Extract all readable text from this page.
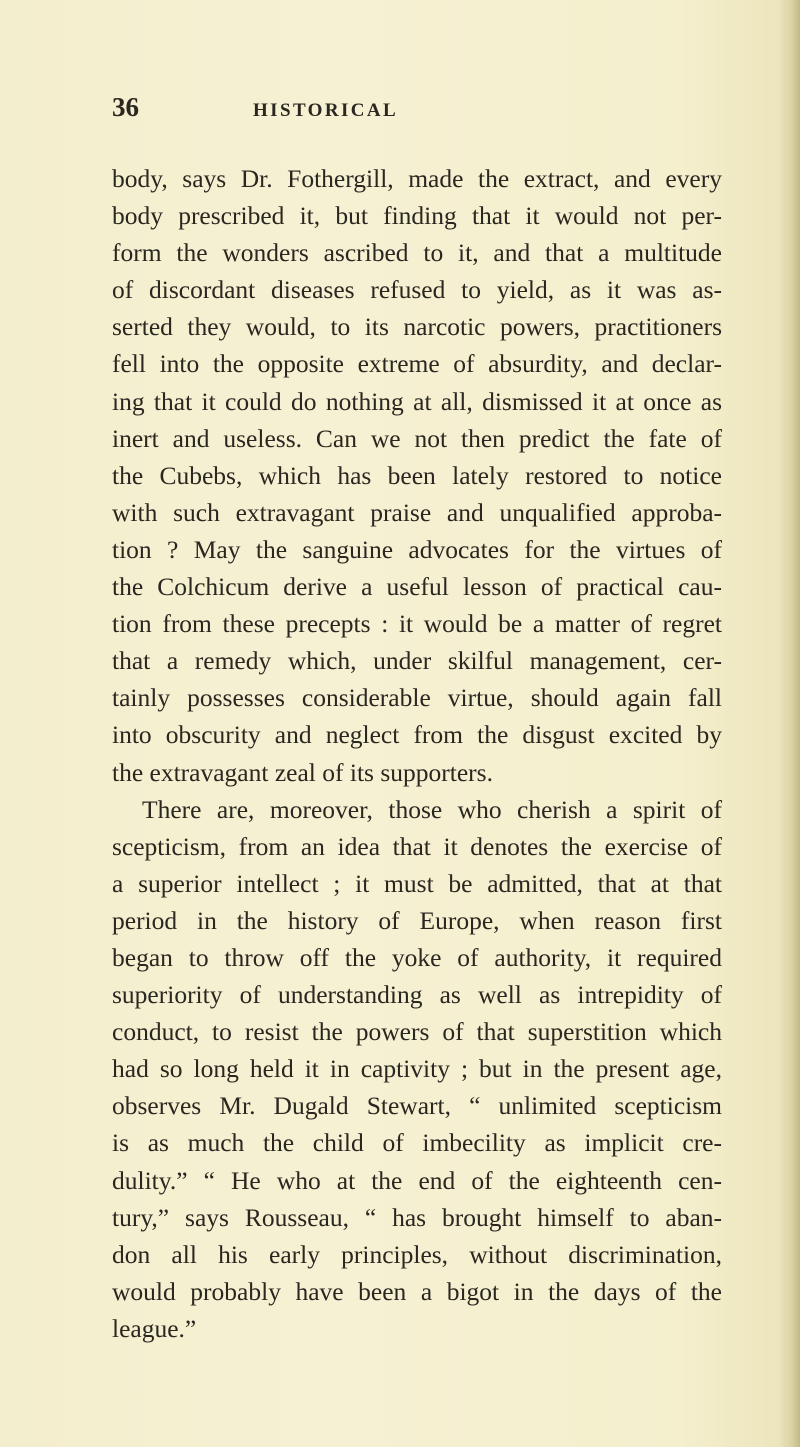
36	HISTORICAL
body, says Dr. Fothergill, made the extract, and every
body prescribed it, but finding that it would not per-
form the wonders ascribed to it, and that a multitude
of discordant diseases refused to yield, as it was as-
serted they would, to its narcotic powers, practitioners
fell into the opposite extreme of absurdity, and declar-
ing that it could do nothing at all, dismissed it at once as
inert and useless. Can we not then predict the fate of
the Cubebs, which has been lately restored to notice
with such extravagant praise and unqualified approba-
tion ? May the sanguine advocates for the virtues of
the Colchicum derive a useful lesson of practical cau-
tion from these precepts : it would be a matter of regret
that a remedy which, under skilful management, cer-
tainly possesses considerable virtue, should again fall
into obscurity and neglect from the disgust excited by
the extravagant zeal of its supporters.
There are, moreover, those who cherish a spirit of
scepticism, from an idea that it denotes the exercise of
a superior intellect ; it must be admitted, that at that
period in the history of Europe, when reason first
began to throw off the yoke of authority, it required
superiority of understanding as well as intrepidity of
conduct, to resist the powers of that superstition which
had so long held it in captivity ; but in the present age,
observes Mr. Dugald Stewart, “ unlimited scepticism
is as much the child of imbecility as implicit cre-
dulity.” “ He who at the end of the eighteenth cen-
tury,” says Rousseau, “ has brought himself to aban-
don all his early principles, without discrimination,
would probably have been a bigot in the days of the
league.”
